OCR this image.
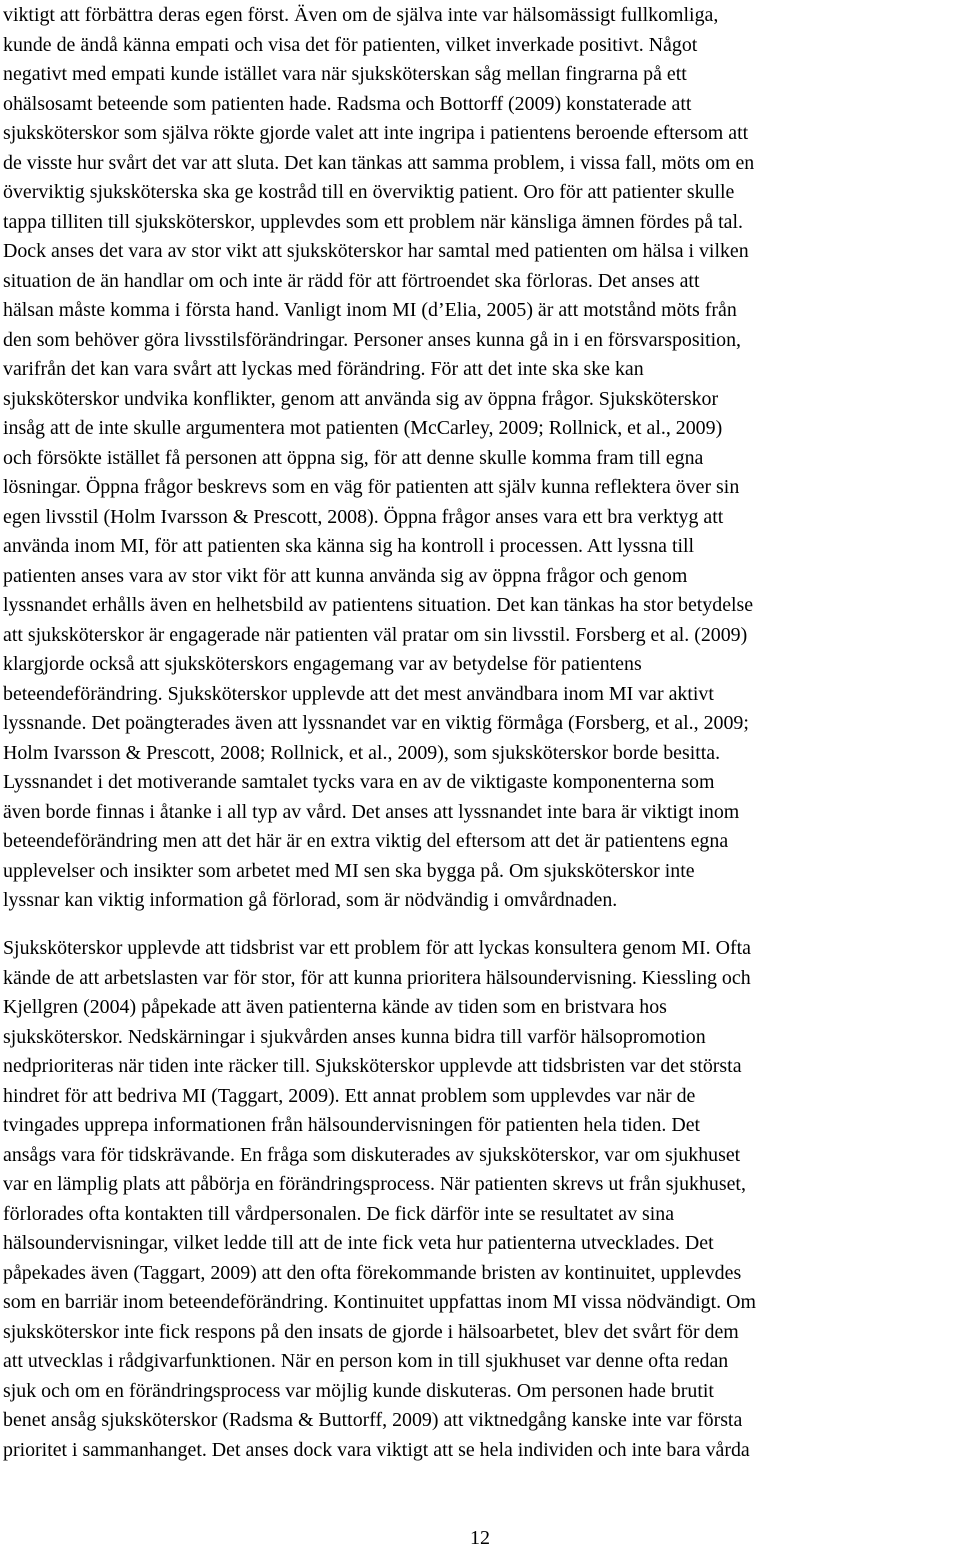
viktigt att förbättra deras egen först. Även om de själva inte var hälsomässigt fullkomliga,
kunde de ändå känna empati och visa det för patienten, vilket inverkade positivt. Något
negativt med empati kunde istället vara när sjuksköterskan såg mellan fingrarna på ett
ohälsosamt beteende som patienten hade. Radsma och Bottorff (2009) konstaterade att
sjuksköterskor som själva rökte gjorde valet att inte ingripa i patientens beroende eftersom att
de visste hur svårt det var att sluta. Det kan tänkas att samma problem, i vissa fall, möts om en
överviktig sjuksköterska ska ge kostråd till en överviktig patient. Oro för att patienter skulle
tappa tilliten till sjuksköterskor, upplevdes som ett problem när känsliga ämnen fördes på tal.
Dock anses det vara av stor vikt att sjuksköterskor har samtal med patienten om hälsa i vilken
situation de än handlar om och inte är rädd för att förtroendet ska förloras. Det anses att
hälsan måste komma i första hand. Vanligt inom MI (d’Elia, 2005) är att motstånd möts från
den som behöver göra livsstilsförändringar. Personer anses kunna gå in i en försvarsposition,
varifrån det kan vara svårt att lyckas med förändring. För att det inte ska ske kan
sjuksköterskor undvika konflikter, genom att använda sig av öppna frågor. Sjuksköterskor
insåg att de inte skulle argumentera mot patienten (McCarley, 2009; Rollnick, et al., 2009)
och försökte istället få personen att öppna sig, för att denne skulle komma fram till egna
lösningar. Öppna frågor beskrevs som en väg för patienten att själv kunna reflektera över sin
egen livsstil (Holm Ivarsson & Prescott, 2008). Öppna frågor anses vara ett bra verktyg att
använda inom MI, för att patienten ska känna sig ha kontroll i processen. Att lyssna till
patienten anses vara av stor vikt för att kunna använda sig av öppna frågor och genom
lyssnandet erhålls även en helhetsbild av patientens situation. Det kan tänkas ha stor betydelse
att sjuksköterskor är engagerade när patienten väl pratar om sin livsstil. Forsberg et al. (2009)
klargjorde också att sjuksköterskors engagemang var av betydelse för patientens
beteendeförändring. Sjuksköterskor upplevde att det mest användbara inom MI var aktivt
lyssnande. Det poängterades även att lyssnandet var en viktig förmåga (Forsberg, et al., 2009;
Holm Ivarsson & Prescott, 2008; Rollnick, et al., 2009), som sjuksköterskor borde besitta.
Lyssnandet i det motiverande samtalet tycks vara en av de viktigaste komponenterna som
även borde finnas i åtanke i all typ av vård. Det anses att lyssnandet inte bara är viktigt inom
beteendeförändring men att det här är en extra viktig del eftersom att det är patientens egna
upplevelser och insikter som arbetet med MI sen ska bygga på. Om sjuksköterskor inte
lyssnar kan viktig information gå förlorad, som är nödvändig i omvårdnaden.
Sjuksköterskor upplevde att tidsbrist var ett problem för att lyckas konsultera genom MI. Ofta
kände de att arbetslasten var för stor, för att kunna prioritera hälsoundervisning. Kiessling och
Kjellgren (2004) påpekade att även patienterna kände av tiden som en bristvara hos
sjuksköterskor. Nedskärningar i sjukvården anses kunna bidra till varför hälsopromotion
nedprioriteras när tiden inte räcker till. Sjuksköterskor upplevde att tidsbristen var det största
hindret för att bedriva MI (Taggart, 2009). Ett annat problem som upplevdes var när de
tvingades upprepa informationen från hälsoundervisningen för patienten hela tiden. Det
ansågs vara för tidskrävande. En fråga som diskuterades av sjuksköterskor, var om sjukhuset
var en lämplig plats att påbörja en förändringsprocess. När patienten skrevs ut från sjukhuset,
förlorades ofta kontakten till vårdpersonalen. De fick därför inte se resultatet av sina
hälsoundervisningar, vilket ledde till att de inte fick veta hur patienterna utvecklades. Det
påpekades även (Taggart, 2009) att den ofta förekommande bristen av kontinuitet, upplevdes
som en barriär inom beteendeförändring. Kontinuitet uppfattas inom MI vissa nödvändigt. Om
sjuksköterskor inte fick respons på den insats de gjorde i hälsoarbetet, blev det svårt för dem
att utvecklas i rådgivarfunktionen. När en person kom in till sjukhuset var denne ofta redan
sjuk och om en förändringsprocess var möjlig kunde diskuteras. Om personen hade brutit
benet ansåg sjuksköterskor (Radsma & Buttorff, 2009) att viktnedgång kanske inte var första
prioritet i sammanhanget. Det anses dock vara viktigt att se hela individen och inte bara vårda
12
